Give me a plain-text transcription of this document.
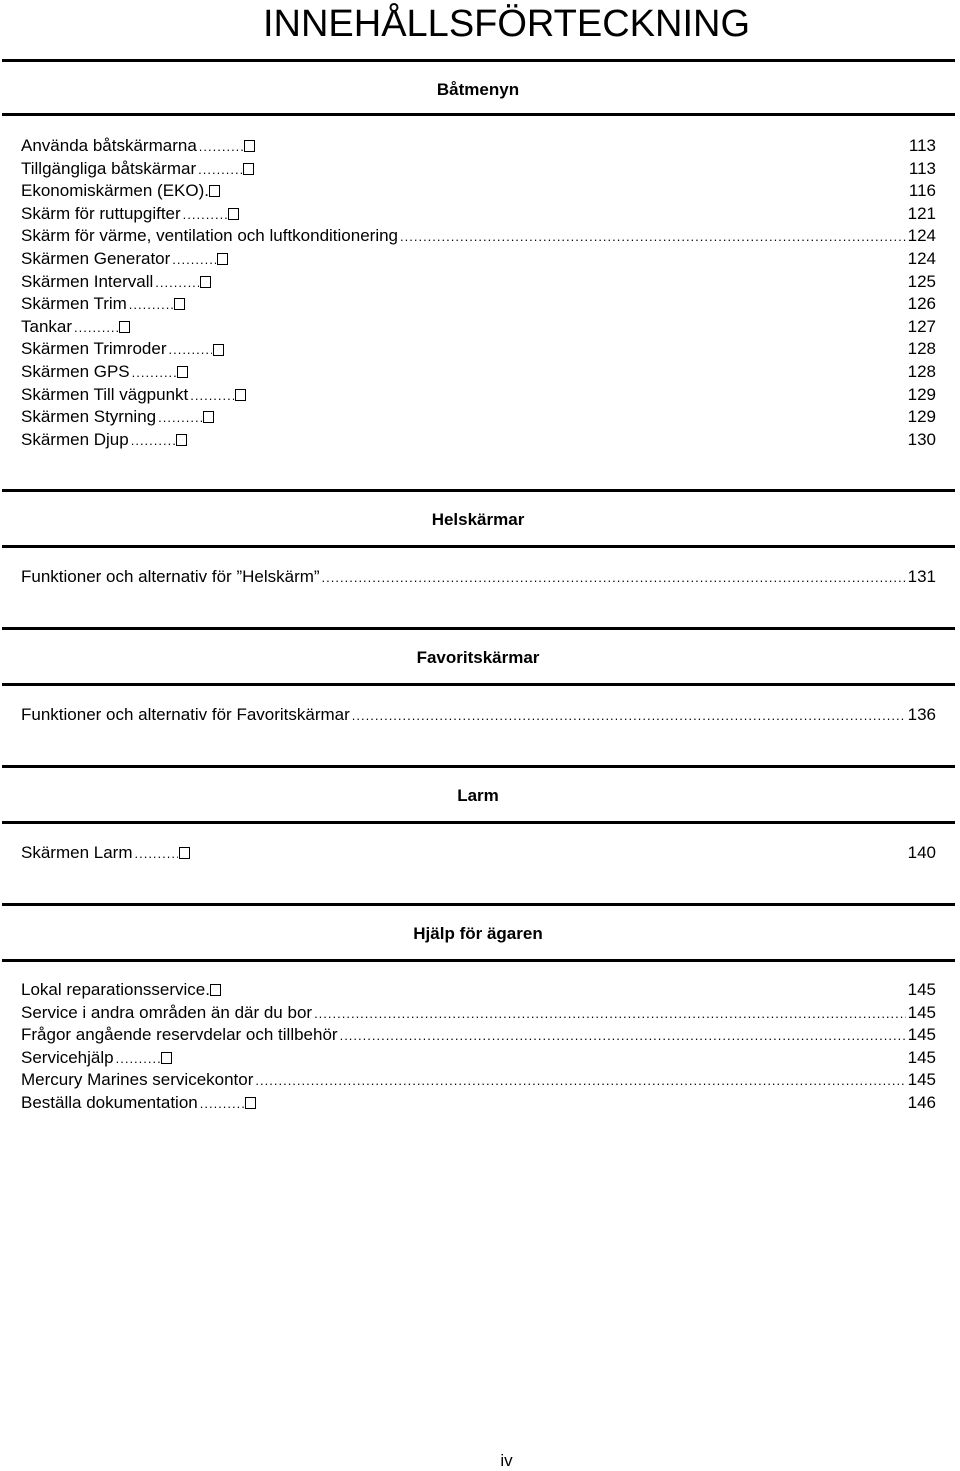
INNEHÅLLSFÖRTECKNING
Båtmenyn
Använda båtskärmarna .....	113
Tillgängliga båtskärmar .....	113
Ekonomiskärmen (EKO).	116
Skärm för ruttupgifter .....	121
Skärm för värme, ventilation och luftkonditionering .....	124
Skärmen Generator .....	124
Skärmen Intervall .....	125
Skärmen Trim .....	126
Tankar .....	127
Skärmen Trimroder .....	128
Skärmen GPS .....	128
Skärmen Till vägpunkt .....	129
Skärmen Styrning .....	129
Skärmen Djup .....	130
Helskärmar
Funktioner och alternativ för ”Helskärm” .....	131
Favoritskärmar
Funktioner och alternativ för Favoritskärmar .....	136
Larm
Skärmen Larm .....	140
Hjälp för ägaren
Lokal reparationsservice.	145
Service i andra områden än där du bor .....	145
Frågor angående reservdelar och tillbehör .....	145
Servicehjälp .....	145
Mercury Marines servicekontor .....	145
Beställa dokumentation .....	146
iv
